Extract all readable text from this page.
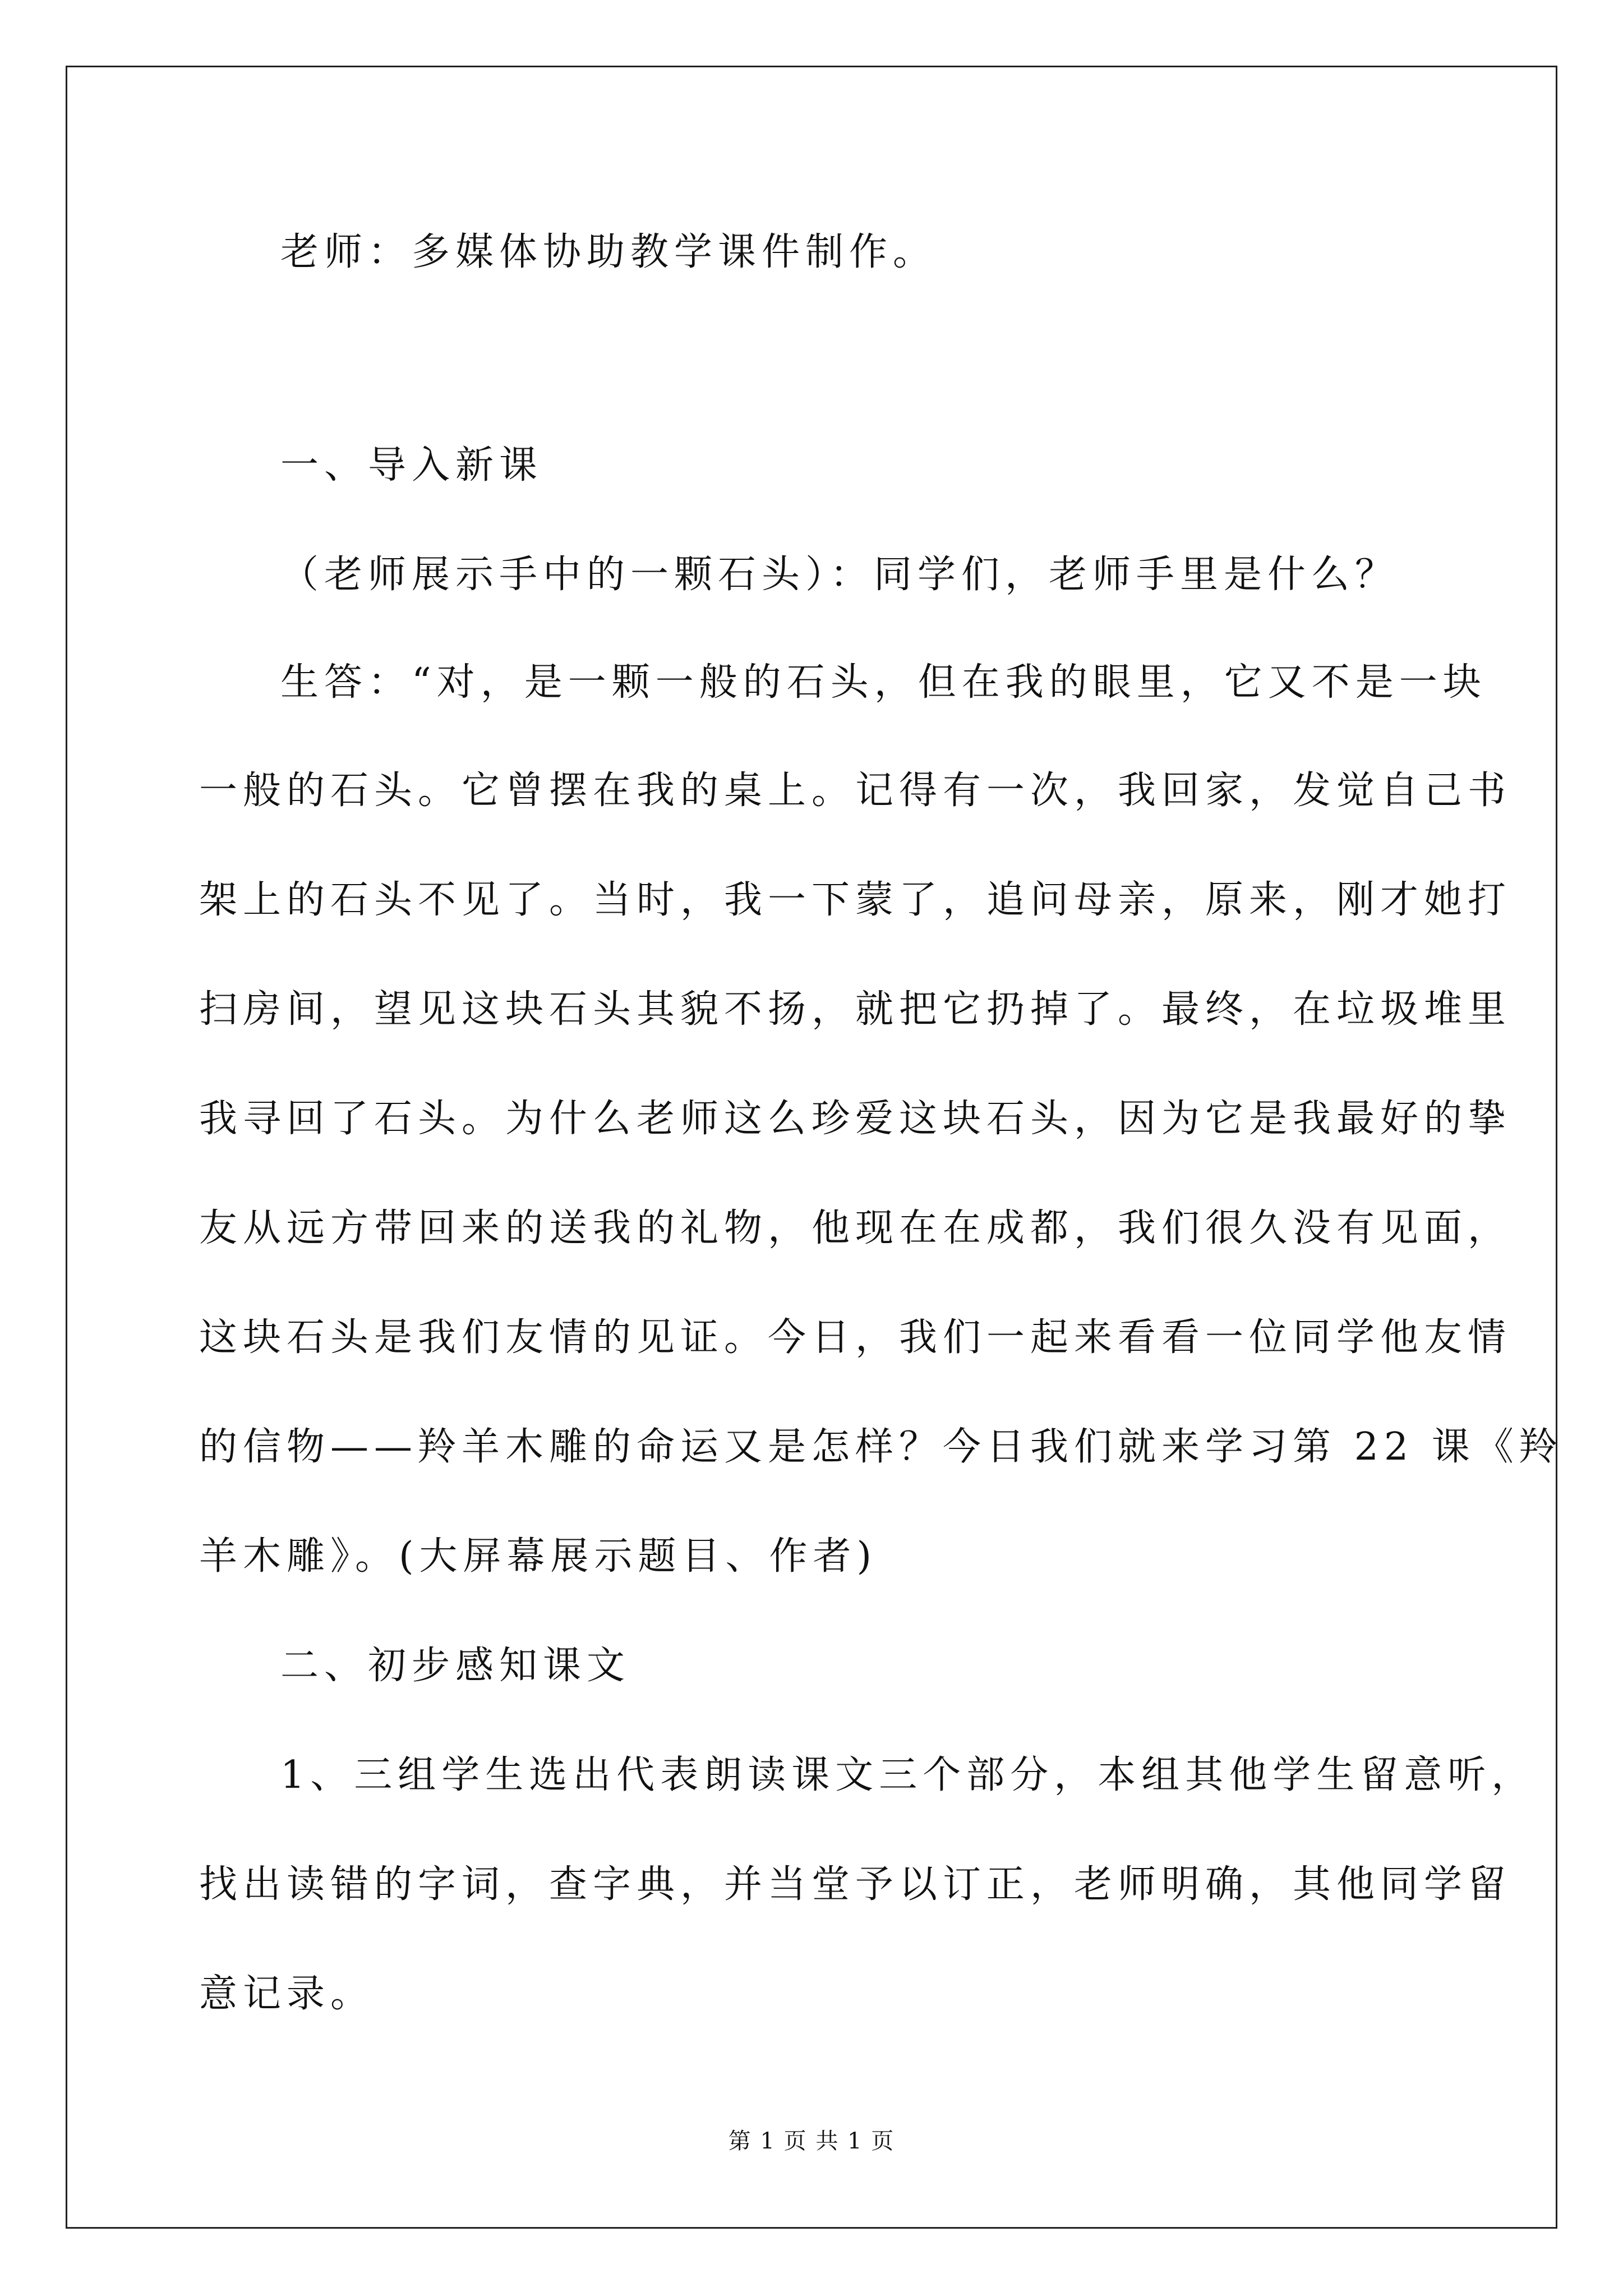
老师：多媒体协助教学课件制作。
一、导入新课
（老师展示手中的一颗石头）：同学们，老师手里是什么？
生答：“对，是一颗一般的石头，但在我的眼里，它又不是一块
一般的石头。它曾摆在我的桌上。记得有一次，我回家，发觉自己书
架上的石头不见了。当时，我一下蒙了，追问母亲，原来，刚才她打
扫房间，望见这块石头其貌不扬，就把它扔掉了。最终，在垃圾堆里
我寻回了石头。为什么老师这么珍爱这块石头，因为它是我最好的挚
友从远方带回来的送我的礼物，他现在在成都，我们很久没有见面，
这块石头是我们友情的见证。今日，我们一起来看看一位同学他友情
的信物——羚羊木雕的命运又是怎样？今日我们就来学习第 22 课《羚
羊木雕》。(大屏幕展示题目、作者)
二、初步感知课文
1、三组学生选出代表朗读课文三个部分，本组其他学生留意听，
找出读错的字词，查字典，并当堂予以订正，老师明确，其他同学留
意记录。
第 1 页 共 1 页
